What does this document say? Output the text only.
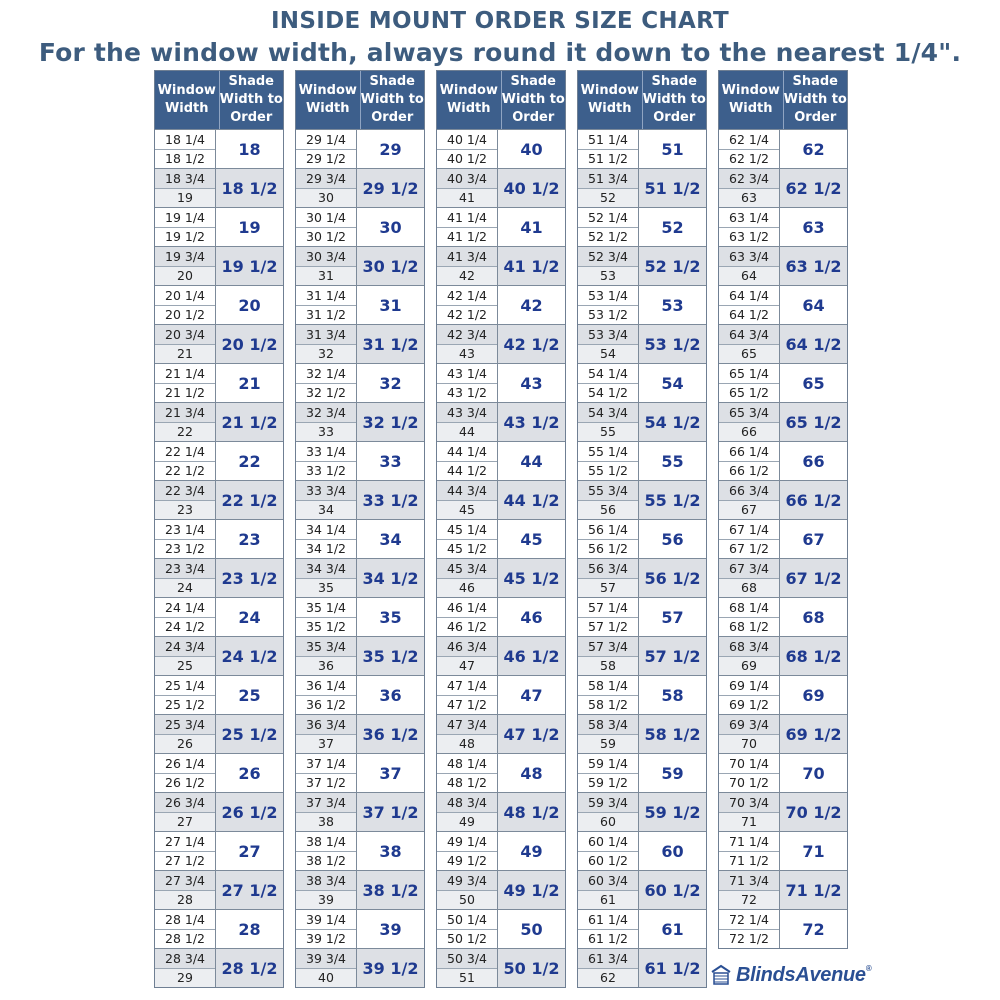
INSIDE MOUNT ORDER SIZE CHART
For the window width, always round it down to the nearest 1/4".
Window Width
Shade Width to Order
18 1/4
18 1/2
18
18 3/4
19
18 1/2
19 1/4
19 1/2
19
19 3/4
20
19 1/2
20 1/4
20 1/2
20
20 3/4
21
20 1/2
21 1/4
21 1/2
21
21 3/4
22
21 1/2
22 1/4
22 1/2
22
22 3/4
23
22 1/2
23 1/4
23 1/2
23
23 3/4
24
23 1/2
24 1/4
24 1/2
24
24 3/4
25
24 1/2
25 1/4
25 1/2
25
25 3/4
26
25 1/2
26 1/4
26 1/2
26
26 3/4
27
26 1/2
27 1/4
27 1/2
27
27 3/4
28
27 1/2
28 1/4
28 1/2
28
28 3/4
29
28 1/2
Window Width
Shade Width to Order
29 1/4
29 1/2
29
29 3/4
30
29 1/2
30 1/4
30 1/2
30
30 3/4
31
30 1/2
31 1/4
31 1/2
31
31 3/4
32
31 1/2
32 1/4
32 1/2
32
32 3/4
33
32 1/2
33 1/4
33 1/2
33
33 3/4
34
33 1/2
34 1/4
34 1/2
34
34 3/4
35
34 1/2
35 1/4
35 1/2
35
35 3/4
36
35 1/2
36 1/4
36 1/2
36
36 3/4
37
36 1/2
37 1/4
37 1/2
37
37 3/4
38
37 1/2
38 1/4
38 1/2
38
38 3/4
39
38 1/2
39 1/4
39 1/2
39
39 3/4
40
39 1/2
Window Width
Shade Width to Order
40 1/4
40 1/2
40
40 3/4
41
40 1/2
41 1/4
41 1/2
41
41 3/4
42
41 1/2
42 1/4
42 1/2
42
42 3/4
43
42 1/2
43 1/4
43 1/2
43
43 3/4
44
43 1/2
44 1/4
44 1/2
44
44 3/4
45
44 1/2
45 1/4
45 1/2
45
45 3/4
46
45 1/2
46 1/4
46 1/2
46
46 3/4
47
46 1/2
47 1/4
47 1/2
47
47 3/4
48
47 1/2
48 1/4
48 1/2
48
48 3/4
49
48 1/2
49 1/4
49 1/2
49
49 3/4
50
49 1/2
50 1/4
50 1/2
50
50 3/4
51
50 1/2
Window Width
Shade Width to Order
51 1/4
51 1/2
51
51 3/4
52
51 1/2
52 1/4
52 1/2
52
52 3/4
53
52 1/2
53 1/4
53 1/2
53
53 3/4
54
53 1/2
54 1/4
54 1/2
54
54 3/4
55
54 1/2
55 1/4
55 1/2
55
55 3/4
56
55 1/2
56 1/4
56 1/2
56
56 3/4
57
56 1/2
57 1/4
57 1/2
57
57 3/4
58
57 1/2
58 1/4
58 1/2
58
58 3/4
59
58 1/2
59 1/4
59 1/2
59
59 3/4
60
59 1/2
60 1/4
60 1/2
60
60 3/4
61
60 1/2
61 1/4
61 1/2
61
61 3/4
62
61 1/2
Window Width
Shade Width to Order
62 1/4
62 1/2
62
62 3/4
63
62 1/2
63 1/4
63 1/2
63
63 3/4
64
63 1/2
64 1/4
64 1/2
64
64 3/4
65
64 1/2
65 1/4
65 1/2
65
65 3/4
66
65 1/2
66 1/4
66 1/2
66
66 3/4
67
66 1/2
67 1/4
67 1/2
67
67 3/4
68
67 1/2
68 1/4
68 1/2
68
68 3/4
69
68 1/2
69 1/4
69 1/2
69
69 3/4
70
69 1/2
70 1/4
70 1/2
70
70 3/4
71
70 1/2
71 1/4
71 1/2
71
71 3/4
72
71 1/2
72 1/4
72 1/2
72
BlindsAvenue®
